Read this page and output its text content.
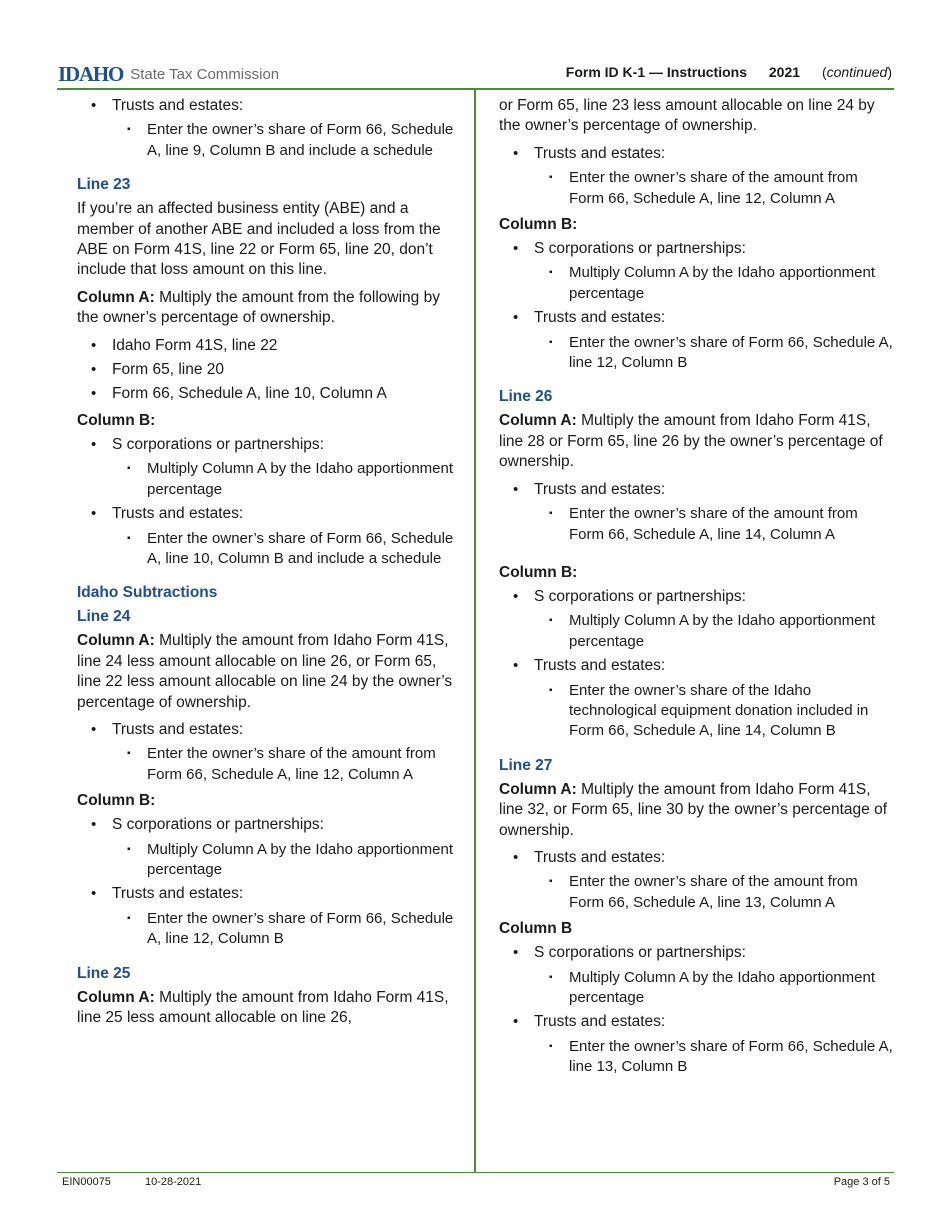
IDAHO State Tax Commission	Form ID K-1 — Instructions 2021 (continued)
• Trusts and estates:
▪ Enter the owner’s share of Form 66, Schedule A, line 9, Column B and include a schedule
Line 23

If you’re an affected business entity (ABE) and a member of another ABE and included a loss from the ABE on Form 41S, line 22 or Form 65, line 20, don’t include that loss amount on this line.

Column A: Multiply the amount from the following by the owner’s percentage of ownership.

• Idaho Form 41S, line 22
• Form 65, line 20
• Form 66, Schedule A, line 10, Column A
Column B:
• S corporations or partnerships:
▪ Multiply Column A by the Idaho apportionment percentage
• Trusts and estates:
▪ Enter the owner’s share of Form 66, Schedule A, line 10, Column B and include a schedule
Idaho Subtractions
Line 24

Column A: Multiply the amount from Idaho Form 41S, line 24 less amount allocable on line 26, or Form 65, line 22 less amount allocable on line 24 by the owner’s percentage of ownership.

• Trusts and estates:
▪ Enter the owner’s share of the amount from Form 66, Schedule A, line 12, Column A
Column B:
• S corporations or partnerships:
▪ Multiply Column A by the Idaho apportionment percentage
• Trusts and estates:
▪ Enter the owner’s share of Form 66, Schedule A, line 12, Column B
Line 25

Column A: Multiply the amount from Idaho Form 41S, line 25 less amount allocable on line 26,

or Form 65, line 23 less amount allocable on line 24 by the owner’s percentage of ownership.

• Trusts and estates:
▪ Enter the owner’s share of the amount from Form 66, Schedule A, line 12, Column A
Column B:
• S corporations or partnerships:
▪ Multiply Column A by the Idaho apportionment percentage
• Trusts and estates:
▪ Enter the owner’s share of Form 66, Schedule A, line 12, Column B
Line 26

Column A: Multiply the amount from Idaho Form 41S, line 28 or Form 65, line 26 by the owner’s percentage of ownership.

• Trusts and estates:
▪ Enter the owner’s share of the amount from Form 66, Schedule A, line 14, Column A
Column B:
• S corporations or partnerships:
▪ Multiply Column A by the Idaho apportionment percentage
• Trusts and estates:
▪ Enter the owner’s share of the Idaho technological equipment donation included in Form 66, Schedule A, line 14, Column B
Line 27

Column A: Multiply the amount from Idaho Form 41S, line 32, or Form 65, line 30 by the owner’s percentage of ownership.

• Trusts and estates:
▪ Enter the owner’s share of the amount from Form 66, Schedule A, line 13, Column A
Column B
• S corporations or partnerships:
▪ Multiply Column A by the Idaho apportionment percentage
• Trusts and estates:
▪ Enter the owner’s share of Form 66, Schedule A, line 13, Column B
EIN00075	10-28-2021	Page 3 of 5
